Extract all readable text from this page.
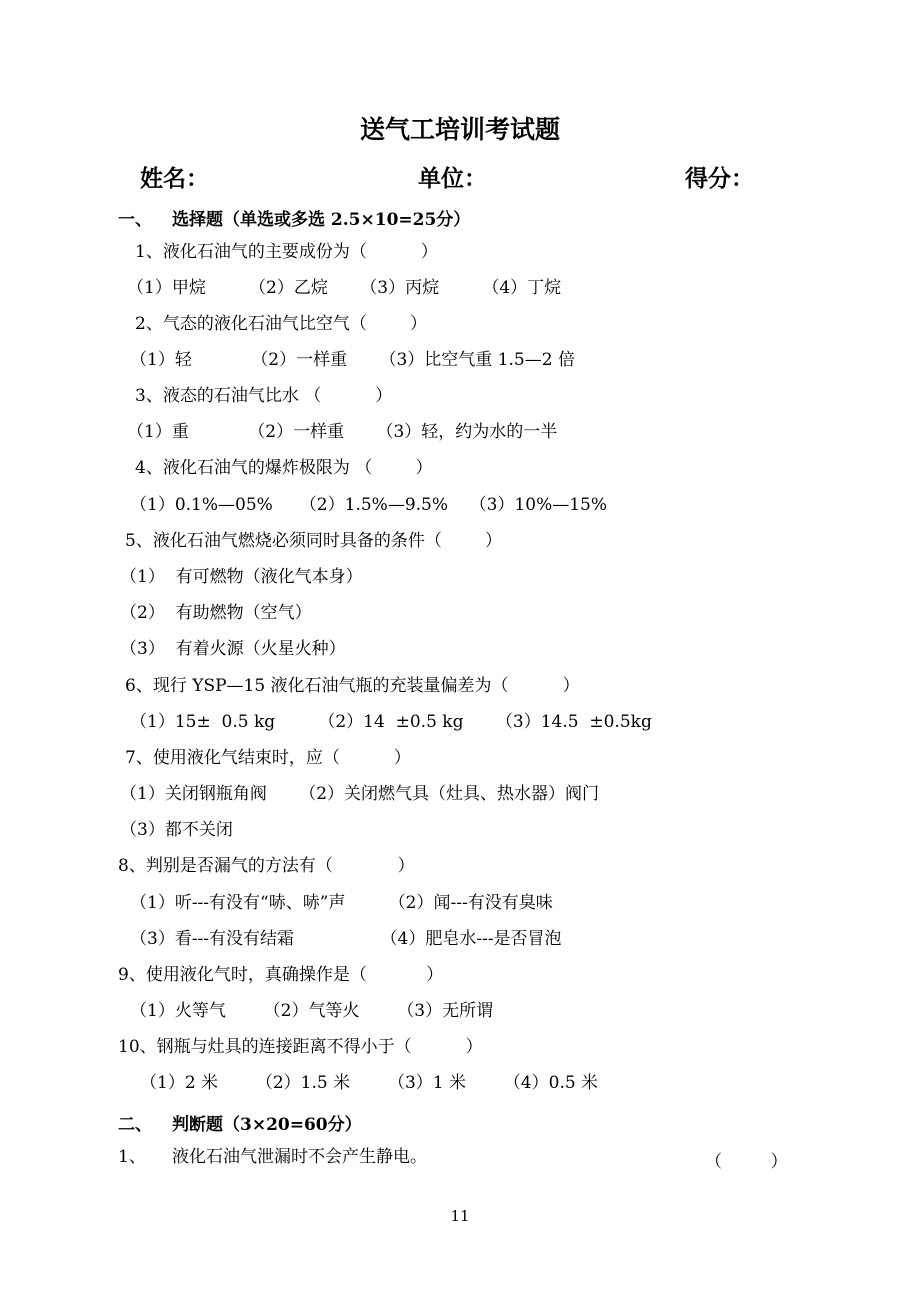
送气工培训考试题
姓名：	单位：	得分：
一、 选择题（单选或多选 2.5×10=25分）
1、液化石油气的主要成份为（          ）
（1）甲烷        （2）乙烷      （3）丙烷        （4）丁烷
2、气态的液化石油气比空气（        ）
（1）轻           （2）一样重      （3）比空气重 1.5—2 倍
3、液态的石油气比水 （          ）
（1）重           （2）一样重      （3）轻，约为水的一半
4、液化石油气的爆炸极限为 （        ）
（1）0.1%—05%     （2）1.5%—9.5%    （3）10%—15%
5、液化石油气燃烧必须同时具备的条件（        ）
（1）  有可燃物（液化气本身）
（2）  有助燃物（空气）
（3）  有着火源（火星火种）
6、现行 YSP—15 液化石油气瓶的充装量偏差为（          ）
（1）15±  0.5 kg        （2）14  ±0.5 kg      （3）14.5  ±0.5kg
7、使用液化气结束时，应（          ）
（1）关闭钢瓶角阀      （2）关闭燃气具（灶具、热水器）阀门
（3）都不关闭
8、判别是否漏气的方法有（            ）
（1）听---有没有“哧、哧”声        （2）闻---有没有臭味
（3）看---有没有结霜                （4）肥皂水---是否冒泡
9、使用液化气时，真确操作是（           ）
（1）火等气       （2）气等火       （3）无所谓
10、钢瓶与灶具的连接距离不得小于（          ）
（1）2 米       （2）1.5 米       （3）1 米       （4）0.5 米
二、 判断题（3×20=60分）
1、 液化石油气泄漏时不会产生静电。	（         ）
11
